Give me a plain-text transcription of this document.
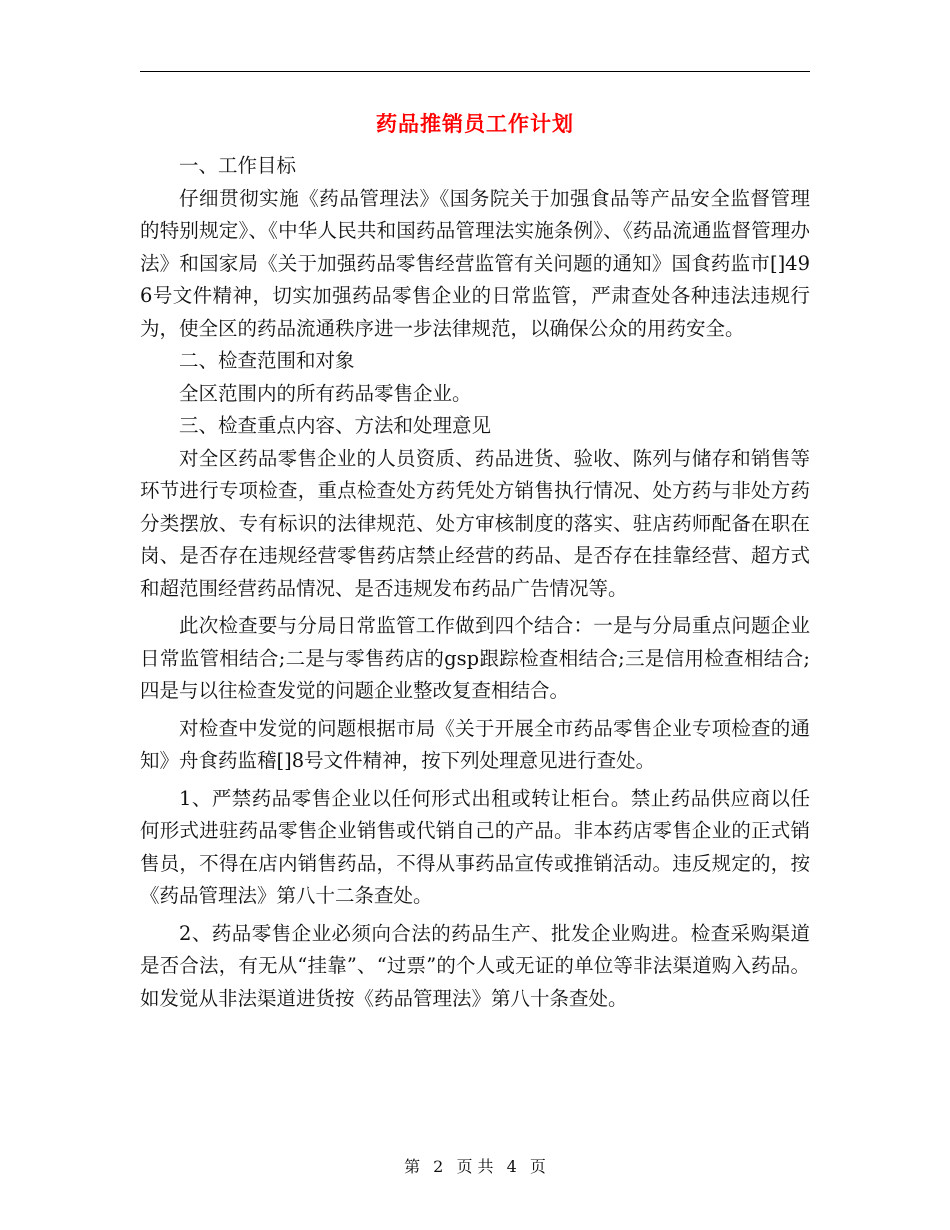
药品推销员工作计划

一、工作目标

仔细贯彻实施《药品管理法》《国务院关于加强食品等产品安全监督管理的特别规定》、《中华人民共和国药品管理法实施条例》、《药品流通监督管理办法》和国家局《关于加强药品零售经营监管有关问题的通知》国食药监市[]496号文件精神，切实加强药品零售企业的日常监管，严肃查处各种违法违规行为，使全区的药品流通秩序进一步法律规范，以确保公众的用药安全。

二、检查范围和对象

全区范围内的所有药品零售企业。

三、检查重点内容、方法和处理意见

对全区药品零售企业的人员资质、药品进货、验收、陈列与储存和销售等环节进行专项检查，重点检查处方药凭处方销售执行情况、处方药与非处方药分类摆放、专有标识的法律规范、处方审核制度的落实、驻店药师配备在职在岗、是否存在违规经营零售药店禁止经营的药品、是否存在挂靠经营、超方式和超范围经营药品情况、是否违规发布药品广告情况等。

此次检查要与分局日常监管工作做到四个结合：一是与分局重点问题企业日常监管相结合;二是与零售药店的gsp跟踪检查相结合;三是信用检查相结合;四是与以往检查发觉的问题企业整改复查相结合。

对检查中发觉的问题根据市局《关于开展全市药品零售企业专项检查的通知》舟食药监稽[]8号文件精神，按下列处理意见进行查处。

1、严禁药品零售企业以任何形式出租或转让柜台。禁止药品供应商以任何形式进驻药品零售企业销售或代销自己的产品。非本药店零售企业的正式销售员，不得在店内销售药品，不得从事药品宣传或推销活动。违反规定的，按《药品管理法》第八十二条查处。

2、药品零售企业必须向合法的药品生产、批发企业购进。检查采购渠道是否合法，有无从“挂靠”、“过票”的个人或无证的单位等非法渠道购入药品。如发觉从非法渠道进货按《药品管理法》第八十条查处。

第 2 页 共 4 页
